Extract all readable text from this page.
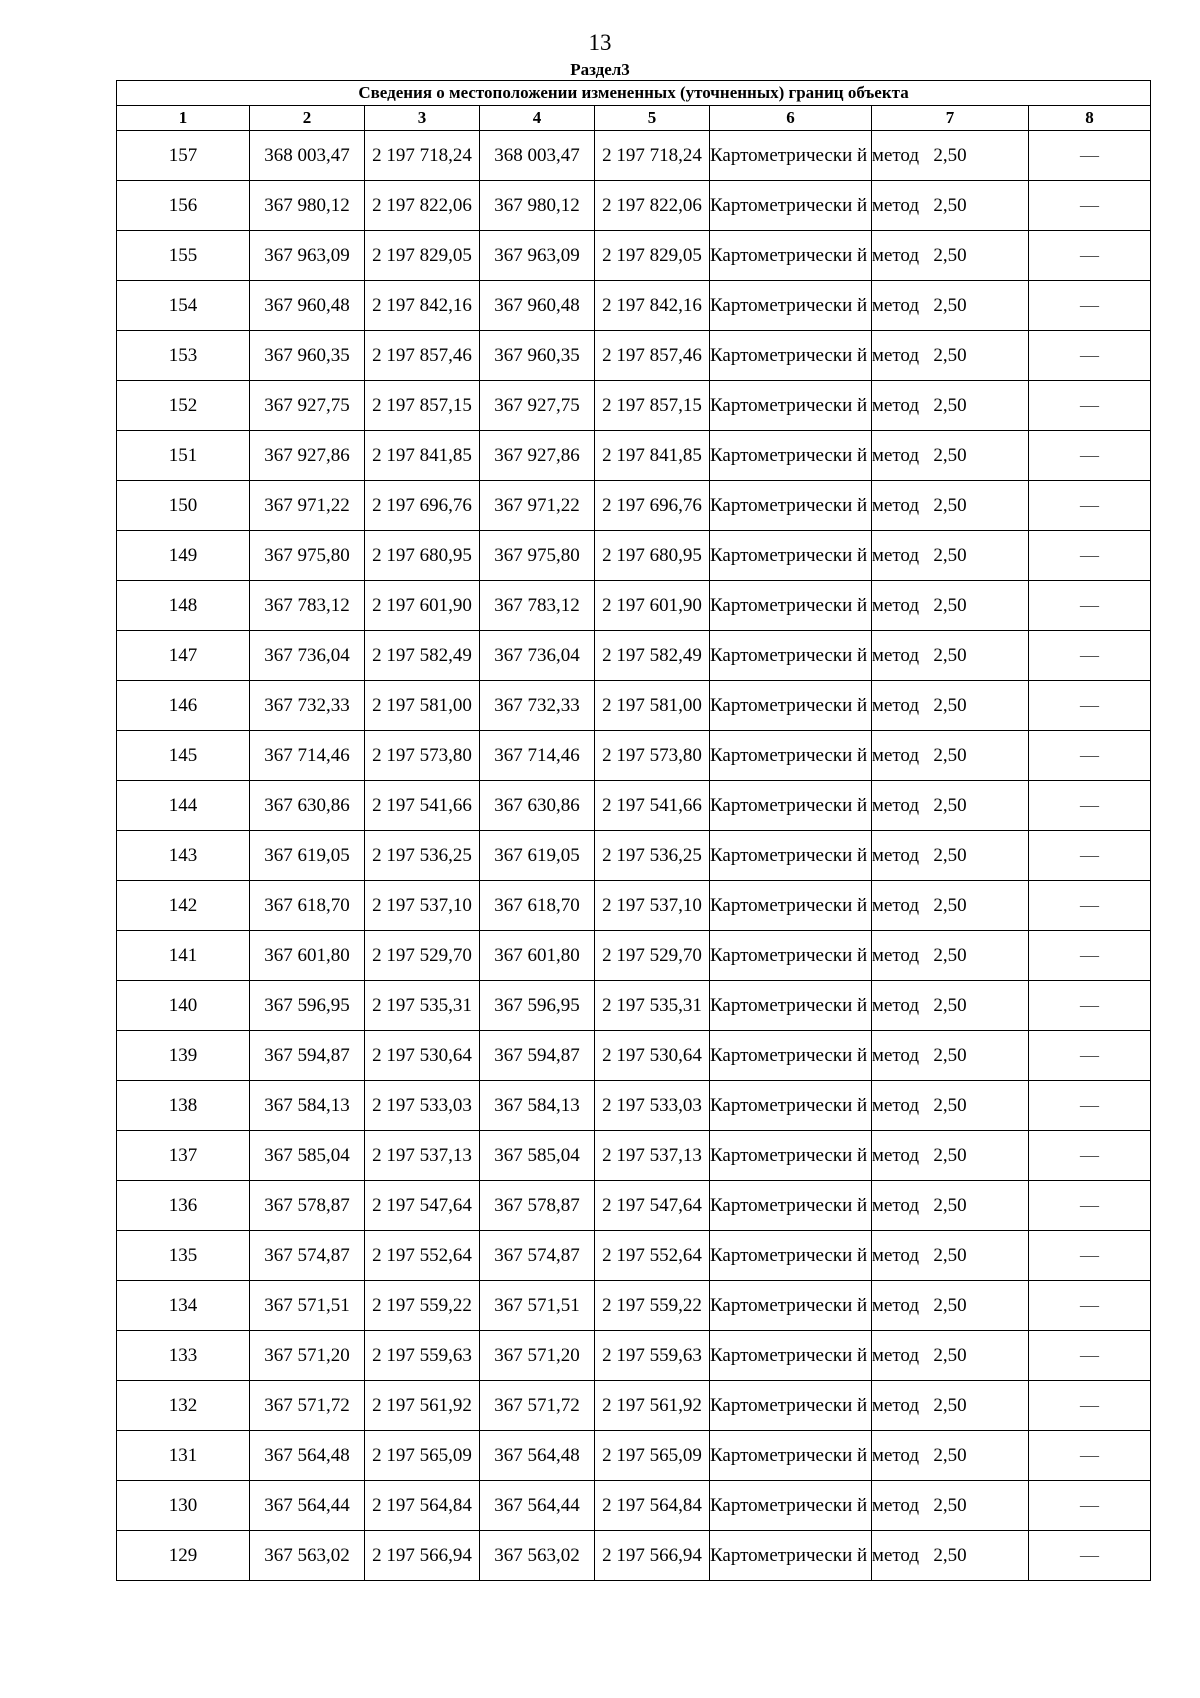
13
Раздел3
Сведения о местоположении измененных (уточненных) границ объекта							
1	2	3	4	5	6	7	8
157	368 003,47	2 197 718,24	368 003,47	2 197 718,24	Картометрически й метод	2,50	—
156	367 980,12	2 197 822,06	367 980,12	2 197 822,06	Картометрически й метод	2,50	—
155	367 963,09	2 197 829,05	367 963,09	2 197 829,05	Картометрически й метод	2,50	—
154	367 960,48	2 197 842,16	367 960,48	2 197 842,16	Картометрически й метод	2,50	—
153	367 960,35	2 197 857,46	367 960,35	2 197 857,46	Картометрически й метод	2,50	—
152	367 927,75	2 197 857,15	367 927,75	2 197 857,15	Картометрически й метод	2,50	—
151	367 927,86	2 197 841,85	367 927,86	2 197 841,85	Картометрически й метод	2,50	—
150	367 971,22	2 197 696,76	367 971,22	2 197 696,76	Картометрически й метод	2,50	—
149	367 975,80	2 197 680,95	367 975,80	2 197 680,95	Картометрически й метод	2,50	—
148	367 783,12	2 197 601,90	367 783,12	2 197 601,90	Картометрически й метод	2,50	—
147	367 736,04	2 197 582,49	367 736,04	2 197 582,49	Картометрически й метод	2,50	—
146	367 732,33	2 197 581,00	367 732,33	2 197 581,00	Картометрически й метод	2,50	—
145	367 714,46	2 197 573,80	367 714,46	2 197 573,80	Картометрически й метод	2,50	—
144	367 630,86	2 197 541,66	367 630,86	2 197 541,66	Картометрически й метод	2,50	—
143	367 619,05	2 197 536,25	367 619,05	2 197 536,25	Картометрически й метод	2,50	—
142	367 618,70	2 197 537,10	367 618,70	2 197 537,10	Картометрически й метод	2,50	—
141	367 601,80	2 197 529,70	367 601,80	2 197 529,70	Картометрически й метод	2,50	—
140	367 596,95	2 197 535,31	367 596,95	2 197 535,31	Картометрически й метод	2,50	—
139	367 594,87	2 197 530,64	367 594,87	2 197 530,64	Картометрически й метод	2,50	—
138	367 584,13	2 197 533,03	367 584,13	2 197 533,03	Картометрически й метод	2,50	—
137	367 585,04	2 197 537,13	367 585,04	2 197 537,13	Картометрически й метод	2,50	—
136	367 578,87	2 197 547,64	367 578,87	2 197 547,64	Картометрически й метод	2,50	—
135	367 574,87	2 197 552,64	367 574,87	2 197 552,64	Картометрически й метод	2,50	—
134	367 571,51	2 197 559,22	367 571,51	2 197 559,22	Картометрически й метод	2,50	—
133	367 571,20	2 197 559,63	367 571,20	2 197 559,63	Картометрически й метод	2,50	—
132	367 571,72	2 197 561,92	367 571,72	2 197 561,92	Картометрически й метод	2,50	—
131	367 564,48	2 197 565,09	367 564,48	2 197 565,09	Картометрически й метод	2,50	—
130	367 564,44	2 197 564,84	367 564,44	2 197 564,84	Картометрически й метод	2,50	—
129	367 563,02	2 197 566,94	367 563,02	2 197 566,94	Картометрически й метод	2,50	—
